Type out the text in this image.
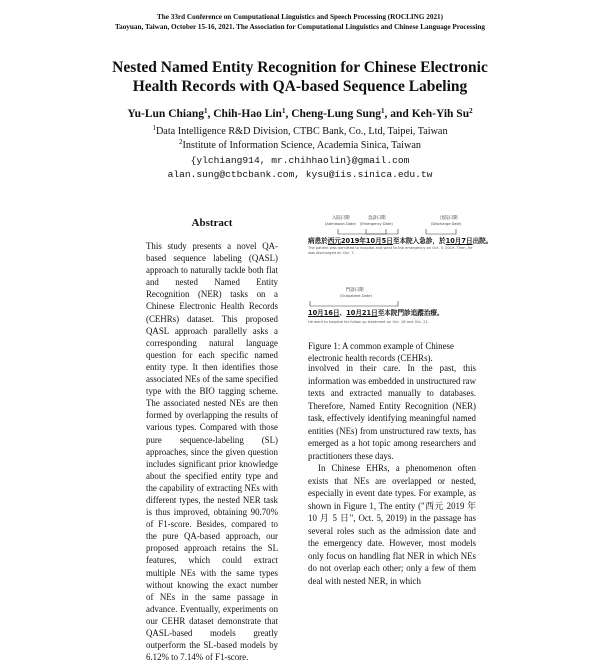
The 33rd Conference on Computational Linguistics and Speech Processing (ROCLING 2021)
Taoyuan, Taiwan, October 15-16, 2021. The Association for Computational Linguistics and Chinese Language Processing
Nested Named Entity Recognition for Chinese Electronic
Health Records with QA-based Sequence Labeling
Yu-Lun Chiang$^1$, Chih-Hao Lin$^1$, Cheng-Lung Sung$^1$, and Keh-Yih Su$^2$
$^1$Data Intelligence R&D Division, CTBC Bank, Co., Ltd, Taipei, Taiwan
$^2$Institute of Information Science, Academia Sinica, Taiwan
{ylchiang914, mr.chihhaolin}@gmail.com
alan.sung@ctbcbank.com, kysu@iis.sinica.edu.tw
Abstract
This study presents a novel QA-based sequence labeling (QASL) approach to naturally tackle both flat and nested Named Entity Recognition (NER) tasks on a Chinese Electronic Health Records (CEHRs) dataset. This proposed QASL approach parallelly asks a corresponding natural language question for each specific named entity type. It then identifies those associated NEs of the same specified type with the BIO tagging scheme. The associated nested NEs are then formed by overlapping the results of various types. Compared with those pure sequence-labeling (SL) approaches, since the given question includes significant prior knowledge about the specified entity type and the capability of extracting NEs with different types, the nested NER task is thus improved, obtaining 90.70% of F1-score. Besides, compared to the pure QA-based approach, our proposed approach retains the SL features, which could extract multiple NEs with the same types without knowing the exact number of NEs in the same passage in advance. Eventually, experiments on our CEHR dataset demonstrate that QASL-based models greatly outperform the SL-based models by 6.12% to 7.14% of F1-score.
入院日期
(Admission Date)
急診日期
(Emergency Date)
出院日期
(Discharge Date)
病患於西元2019年10月5日至本院入急診，於10月7日出院。
The patient was admitted to hospital and went to the emergency on Oct. 5, 2019. Then, he was discharged on Oct. 7.
門診日期
(Outpatient Date)
10月16日、10月21日至本院門診追蹤治療。
He went to hospital for follow up treatment on Oct. 16 and Oct. 21.
Figure 1: A common example of Chinese electronic health records (CEHRs).

involved in their care. In the past, this information was embedded in unstructured raw texts and extracted manually to databases. Therefore, Named Entity Recognition (NER) task, effectively identifying meaningful named entities (NEs) from unstructured raw texts, has emerged as a hot topic among researchers and practitioners these days.

In Chinese EHRs, a phenomenon often exists that NEs are overlapped or nested, especially in event date types. For example, as shown in Figure 1, The entity ("西元 2019 年 10 月 5 日", Oct. 5, 2019) in the passage has several roles such as the admission date and the emergency date. However, most models only focus on handling flat NER in which NEs do not overlap each other; only a few of them deal with nested NER, in which
